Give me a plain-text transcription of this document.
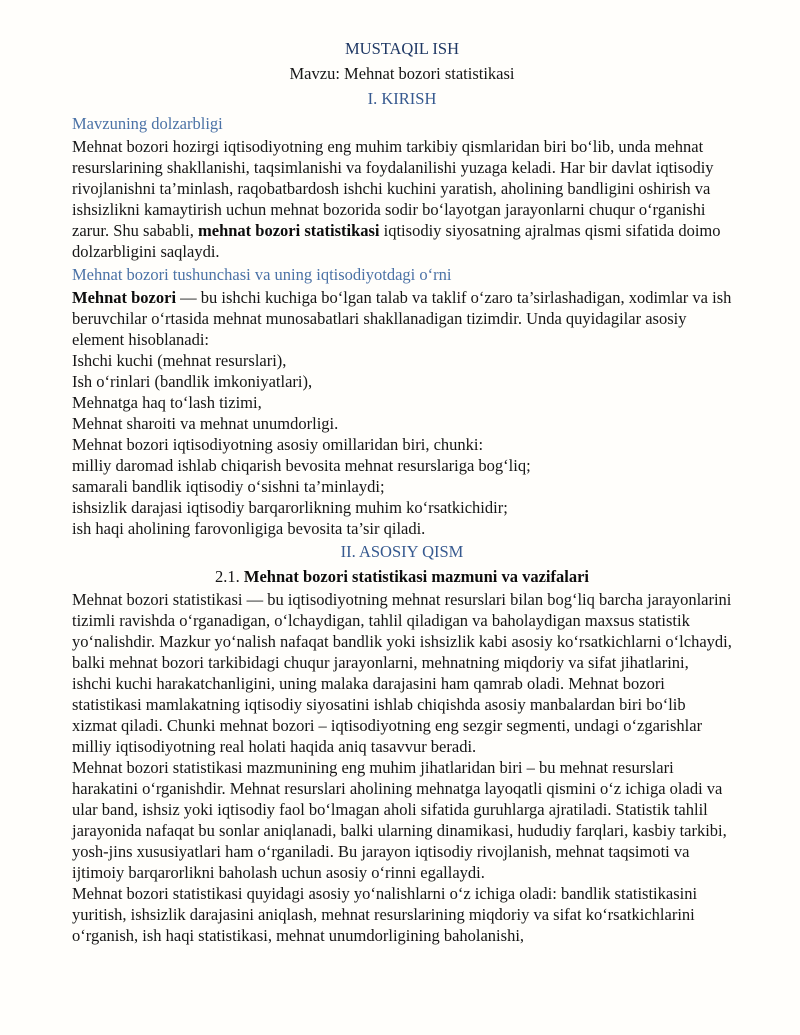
MUSTAQIL ISH
Mavzu: Mehnat bozori statistikasi
I. KIRISH
Mavzuning dolzarbligi

Mehnat bozori hozirgi iqtisodiyotning eng muhim tarkibiy qismlaridan biri bo‘lib, unda mehnat resurslarining shakllanishi, taqsimlanishi va foydalanilishi yuzaga keladi. Har bir davlat iqtisodiy rivojlanishni ta’minlash, raqobatbardosh ishchi kuchini yaratish, aholining bandligini oshirish va ishsizlikni kamaytirish uchun mehnat bozorida sodir bo‘layotgan jarayonlarni chuqur o‘rganishi zarur. Shu sababli, mehnat bozori statistikasi iqtisodiy siyosatning ajralmas qismi sifatida doimo dolzarbligini saqlaydi.

Mehnat bozori tushunchasi va uning iqtisodiyotdagi o‘rni

Mehnat bozori — bu ishchi kuchiga bo‘lgan talab va taklif o‘zaro ta’sirlashadigan, xodimlar va ish beruvchilar o‘rtasida mehnat munosabatlari shakllanadigan tizimdir. Unda quyidagilar asosiy element hisoblanadi:

Ishchi kuchi (mehnat resurslari),
Ish o‘rinlari (bandlik imkoniyatlari),
Mehnatga haq to‘lash tizimi,
Mehnat sharoiti va mehnat unumdorligi.
Mehnat bozori iqtisodiyotning asosiy omillaridan biri, chunki:
milliy daromad ishlab chiqarish bevosita mehnat resurslariga bog‘liq;
samarali bandlik iqtisodiy o‘sishni ta’minlaydi;
ishsizlik darajasi iqtisodiy barqarorlikning muhim ko‘rsatkichidir;
ish haqi aholining farovonligiga bevosita ta’sir qiladi.
II. ASOSIY QISM
2.1. Mehnat bozori statistikasi mazmuni va vazifalari

Mehnat bozori statistikasi — bu iqtisodiyotning mehnat resurslari bilan bog‘liq barcha jarayonlarini tizimli ravishda o‘rganadigan, o‘lchaydigan, tahlil qiladigan va baholaydigan maxsus statistik yo‘nalishdir. Mazkur yo‘nalish nafaqat bandlik yoki ishsizlik kabi asosiy ko‘rsatkichlarni o‘lchaydi, balki mehnat bozori tarkibidagi chuqur jarayonlarni, mehnatning miqdoriy va sifat jihatlarini, ishchi kuchi harakatchanligini, uning malaka darajasini ham qamrab oladi. Mehnat bozori statistikasi mamlakatning iqtisodiy siyosatini ishlab chiqishda asosiy manbalardan biri bo‘lib xizmat qiladi. Chunki mehnat bozori – iqtisodiyotning eng sezgir segmenti, undagi o‘zgarishlar milliy iqtisodiyotning real holati haqida aniq tasavvur beradi.

Mehnat bozori statistikasi mazmunining eng muhim jihatlaridan biri – bu mehnat resurslari harakatini o‘rganishdir. Mehnat resurslari aholining mehnatga layoqatli qismini o‘z ichiga oladi va ular band, ishsiz yoki iqtisodiy faol bo‘lmagan aholi sifatida guruhlarga ajratiladi. Statistik tahlil jarayonida nafaqat bu sonlar aniqlanadi, balki ularning dinamikasi, hududiy farqlari, kasbiy tarkibi, yosh-jins xususiyatlari ham o‘rganiladi. Bu jarayon iqtisodiy rivojlanish, mehnat taqsimoti va ijtimoiy barqarorlikni baholash uchun asosiy o‘rinni egallaydi.

Mehnat bozori statistikasi quyidagi asosiy yo‘nalishlarni o‘z ichiga oladi: bandlik statistikasini yuritish, ishsizlik darajasini aniqlash, mehnat resurslarining miqdoriy va sifat ko‘rsatkichlarini o‘rganish, ish haqi statistikasi, mehnat unumdorligining baholanishi,
